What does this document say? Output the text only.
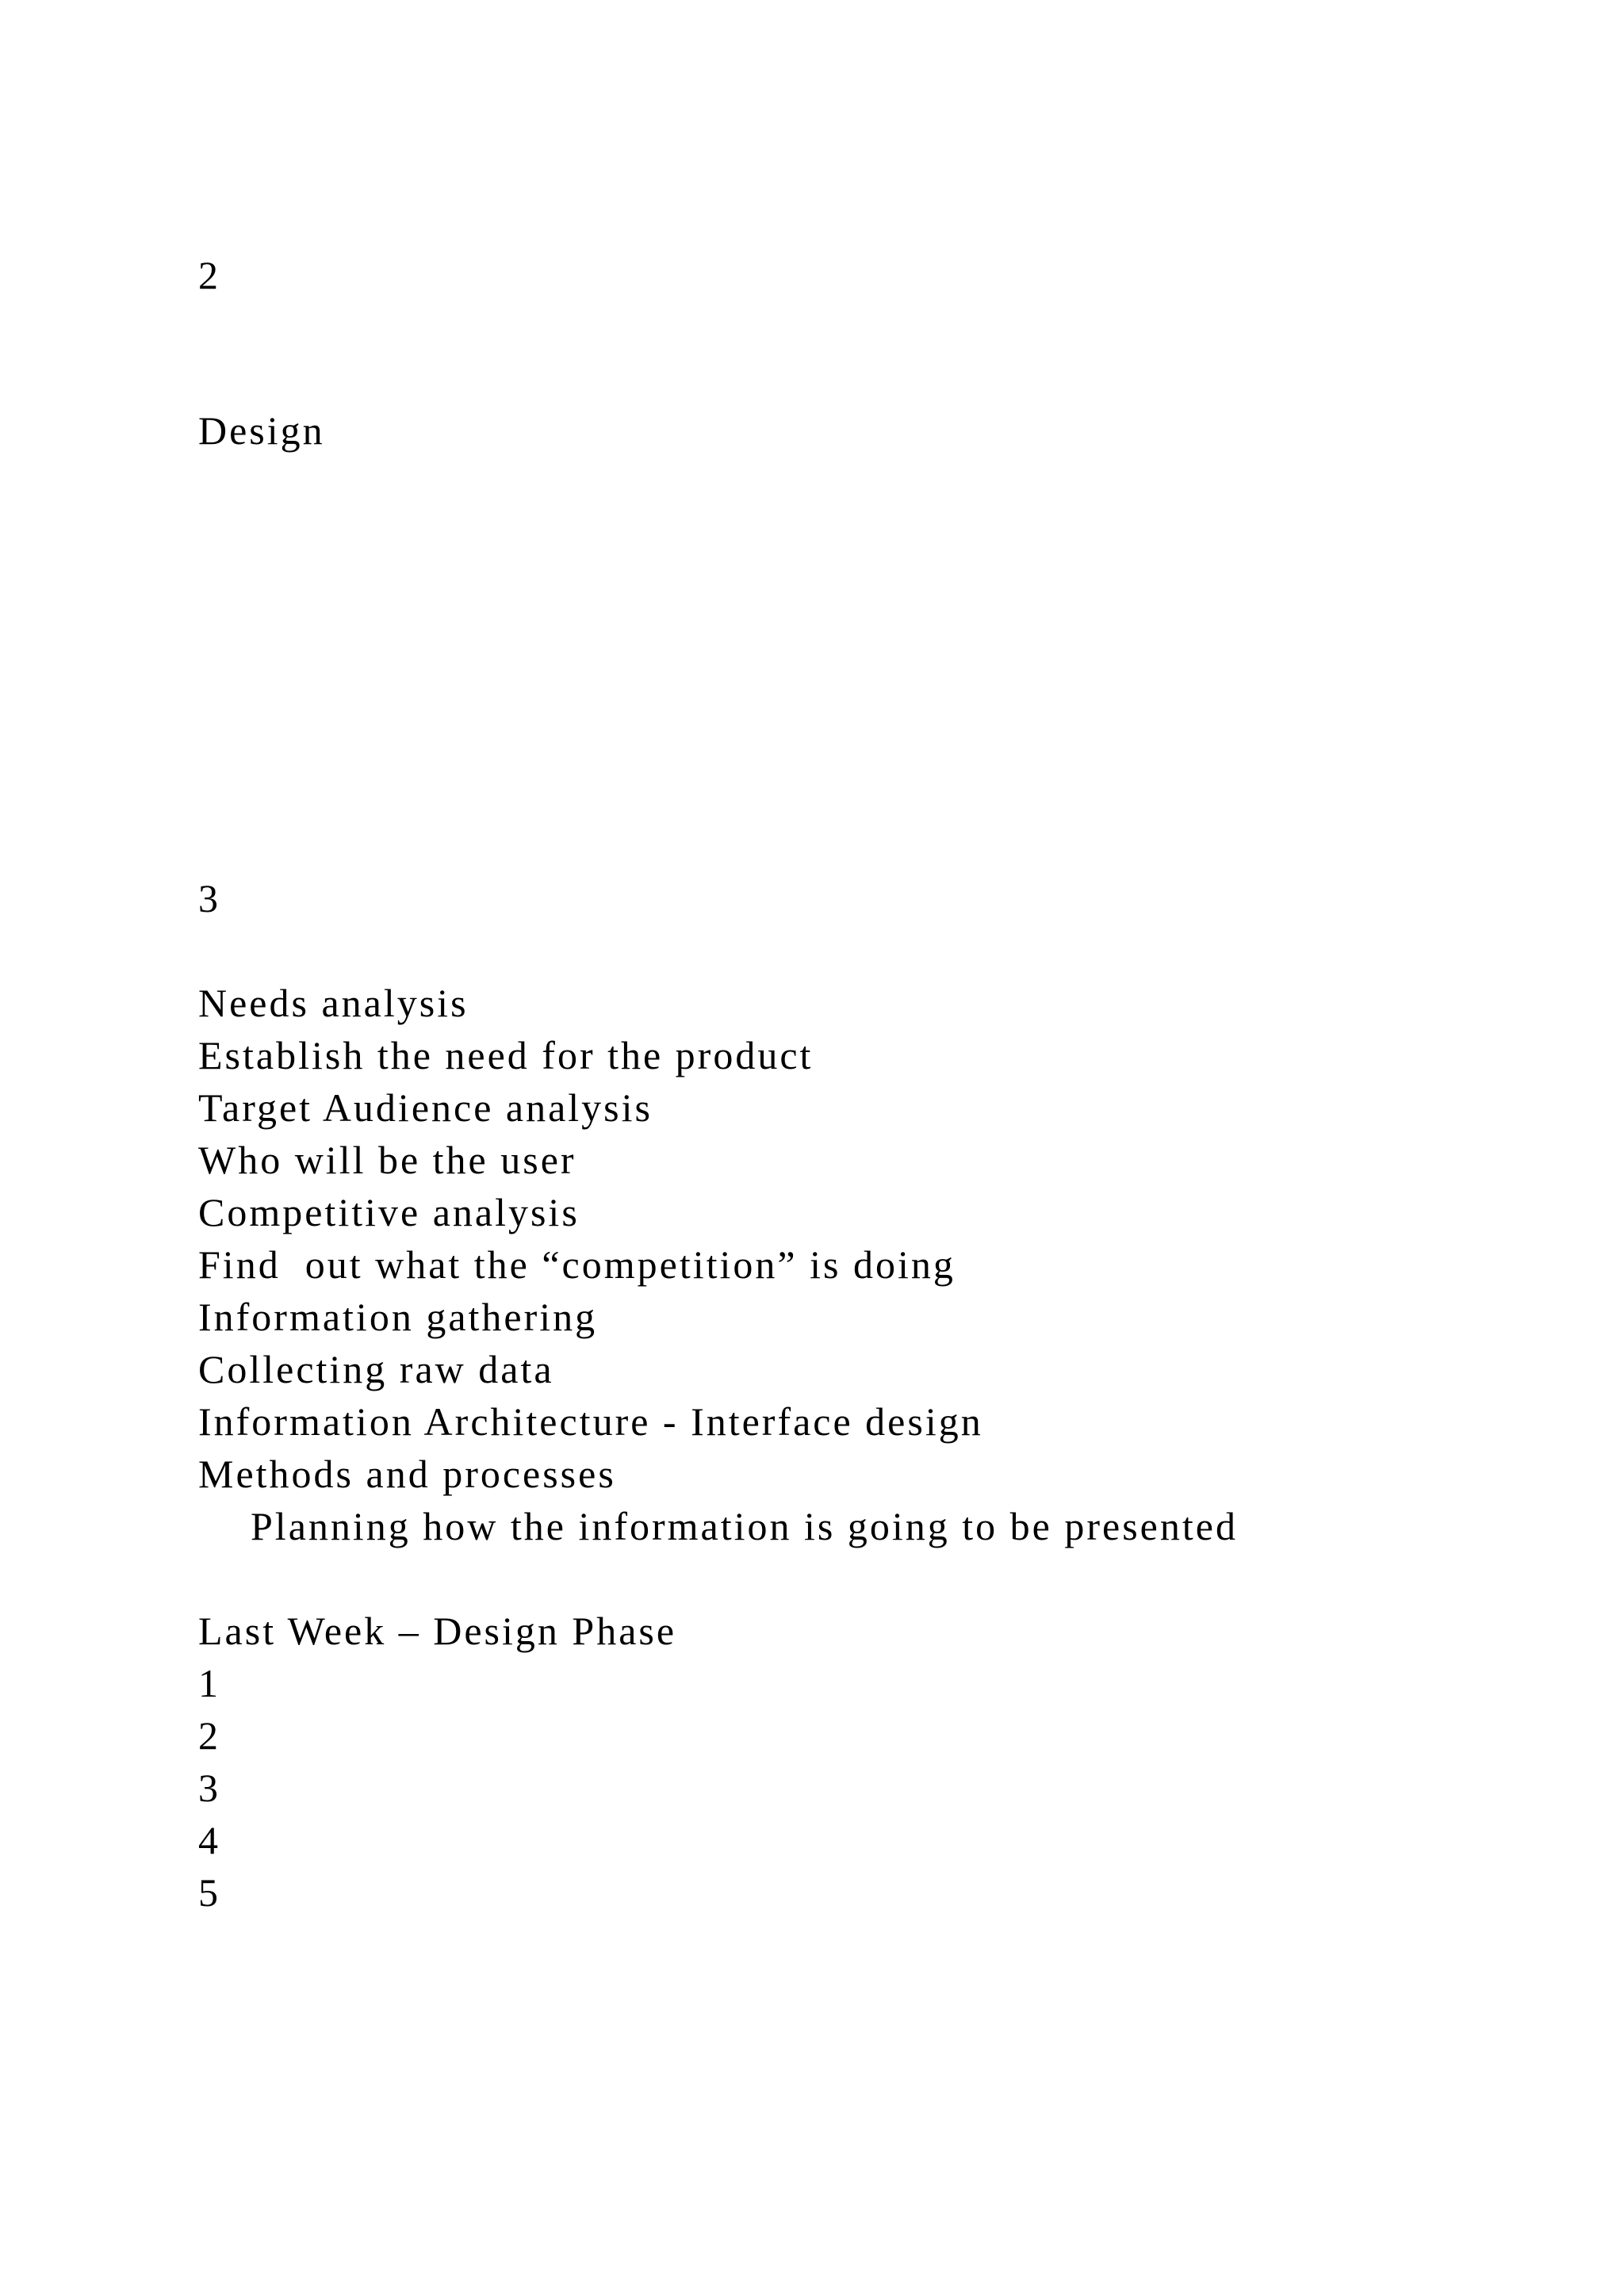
2
Design
3
Needs analysis
Establish the need for the product
Target Audience analysis
Who will be the user
Competitive analysis
Find  out what the “competition” is doing
Information gathering
Collecting raw data
Information Architecture - Interface design
Methods and processes
Planning how the information is going to be presented
Last Week – Design Phase
1
2
3
4
5
